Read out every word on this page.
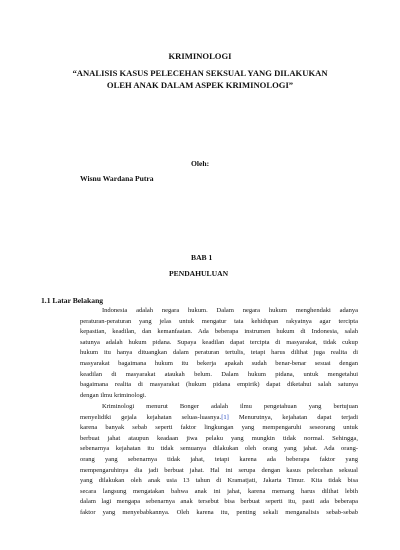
KRIMINOLOGI
“ANALISIS KASUS PELECEHAN SEKSUAL YANG DILAKUKAN
OLEH ANAK DALAM ASPEK KRIMINOLOGI”
Oleh:
Wisnu Wardana Putra
BAB 1
PENDAHULUAN
1.1 Latar Belakang
Indonesia adalah negara hukum. Dalam negara hukum menghendaki adanya
peraturan-peraturan yang jelas untuk mengatur tata kehidupan rakyatnya agar tercipta
kepastian, keadilan, dan kemanfaatan. Ada beberapa instrumen hukum di Indonesia, salah
satunya adalah hukum pidana. Supaya keadilan dapat tercipta di masyarakat, tidak cukup
hukum itu hanya dituangkan dalam peraturan tertulis, tetapi harus dilihat juga realita di
masyarakat bagaimana hukum itu bekerja apakah sudah benar-benar sesuai dengan
keadilan di masyarakat ataukah belum. Dalam hukum pidana, untuk mengetahui
bagaimana realita di masyarakat (hukum pidana empirik) dapat diketahui salah satunya
dengan ilmu kriminologi.
Kriminologi menurut Bonger adalah ilmu pengetahuan yang bertujuan
menyelidiki gejala kejahatan seluas-luasnya.[1] Menurutnya, kejahatan dapat terjadi
karena banyak sebab seperti faktor lingkungan yang mempengaruhi seseorang untuk
berbuat jahat ataupun keadaan jiwa pelaku yang mungkin tidak normal. Sehingga,
sebenarnya kejahatan itu tidak semuanya dilakukan oleh orang yang jahat. Ada orang-
orang yang sebenarnya tidak jahat, tetapi karena ada beberapa faktor yang
mempengaruhinya dia jadi berbuat jahat. Hal ini serupa dengan kasus pelecehan seksual
yang dilakukan oleh anak usia 13 tahun di Kramatjati, Jakarta Timur. Kita tidak bisa
secara langsung mengatakan bahwa anak ini jahat, karena memang harus dilihat lebih
dalam lagi mengapa sebenarnya anak tersebut bisa berbuat seperti itu, pasti ada beberapa
faktor yang menyebabkannya. Oleh karena itu, penting sekali menganalisis sebab-sebab
